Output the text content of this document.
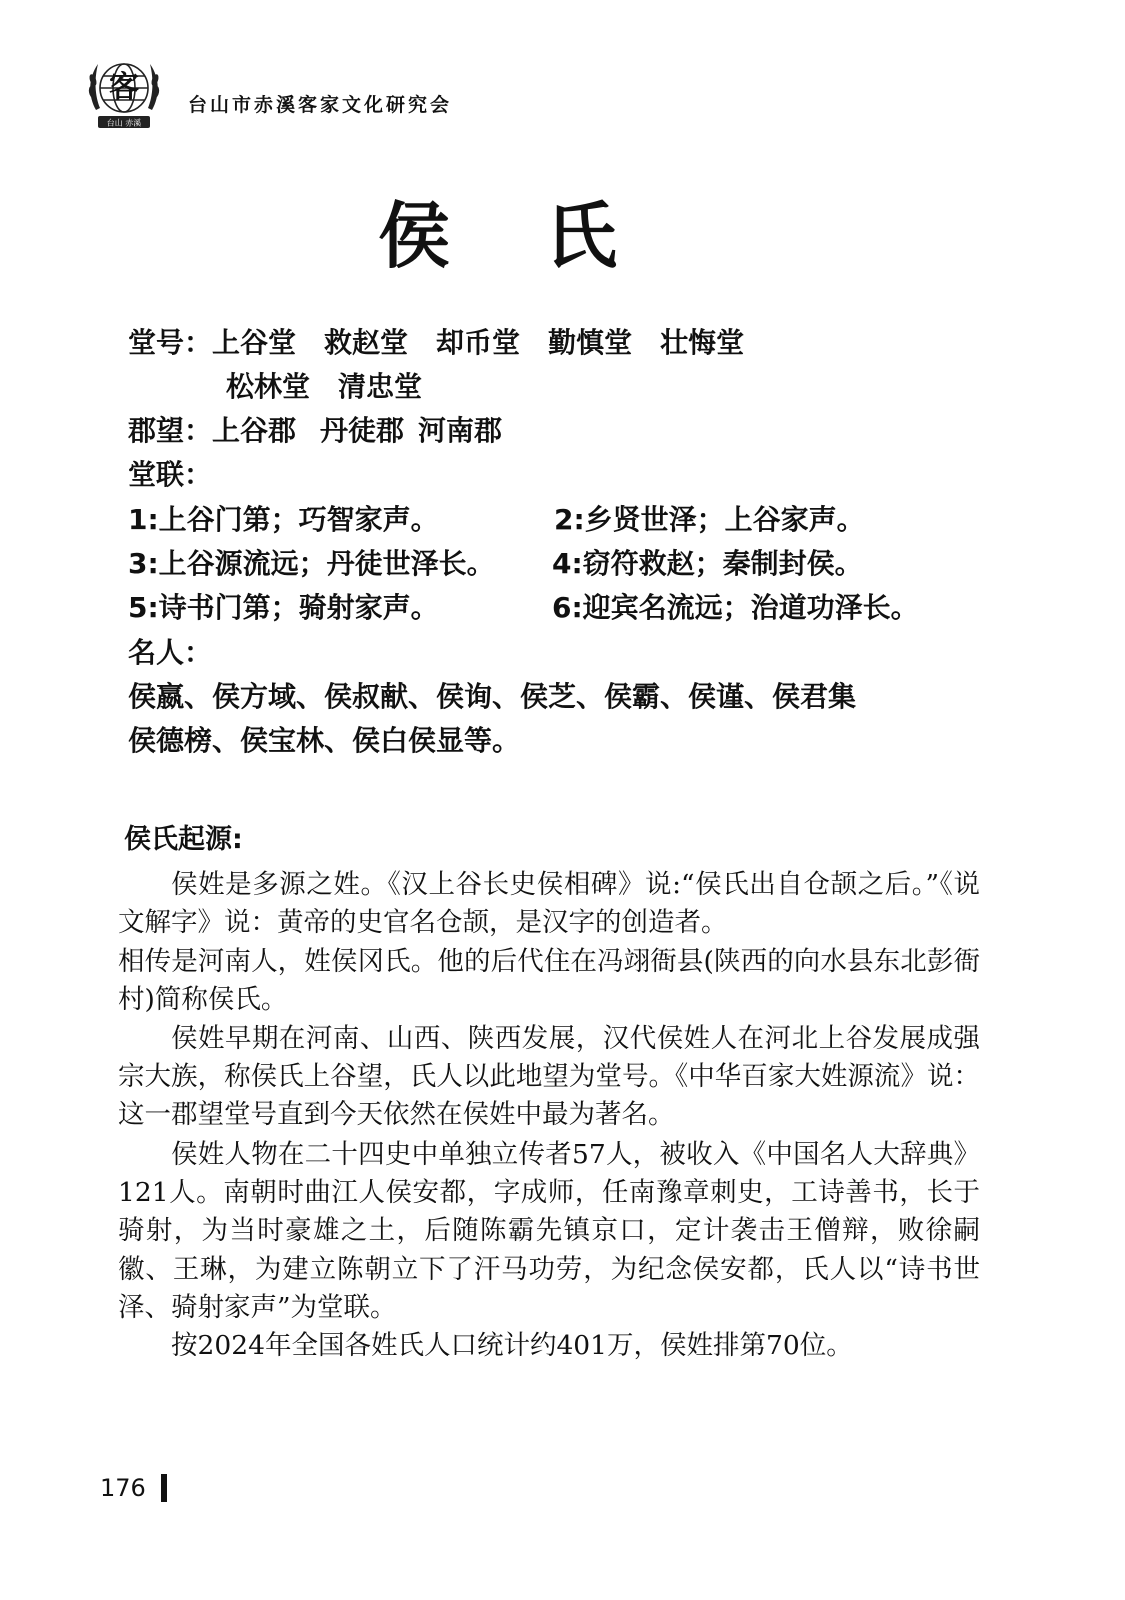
客
台山 赤溪
台山市赤溪客家文化研究会
侯氏
堂号：上谷堂 救赵堂 却币堂 勤慎堂 壮悔堂
松林堂 清忠堂
郡望：上谷郡 丹徒郡 河南郡
堂联：
1:上谷门第；巧智家声。	2:乡贤世泽；上谷家声。
3:上谷源流远；丹徒世泽长。 4:窃符救赵；秦制封侯。
5:诗书门第；骑射家声。	6:迎宾名流远；治道功泽长。
名人：
侯嬴、侯方域、侯叔献、侯询、侯芝、侯霸、侯谨、侯君集
侯德榜、侯宝林、侯白侯显等。
侯氏起源:
侯姓是多源之姓。《汉上谷长史侯相碑》说:“侯氏出自仓颉之后。”《说文解字》说：黄帝的史官名仓颉，是汉字的创造者。
相传是河南人，姓侯冈氏。他的后代住在冯翊衙县(陕西的向水县东北彭衙村)简称侯氏。
侯姓早期在河南、山西、陕西发展，汉代侯姓人在河北上谷发展成强宗大族，称侯氏上谷望，氏人以此地望为堂号。《中华百家大姓源流》说：这一郡望堂号直到今天依然在侯姓中最为著名。
侯姓人物在二十四史中单独立传者57人，被收入《中国名人大辞典》121人。南朝时曲江人侯安都，字成师，任南豫章刺史，工诗善书，长于骑射，为当时豪雄之土，后随陈霸先镇京口，定计袭击王僧辩，败徐嗣徽、王琳，为建立陈朝立下了汗马功劳，为纪念侯安都，氏人以“诗书世泽、骑射家声”为堂联。
按2024年全国各姓氏人口统计约401万，侯姓排第70位。
176
